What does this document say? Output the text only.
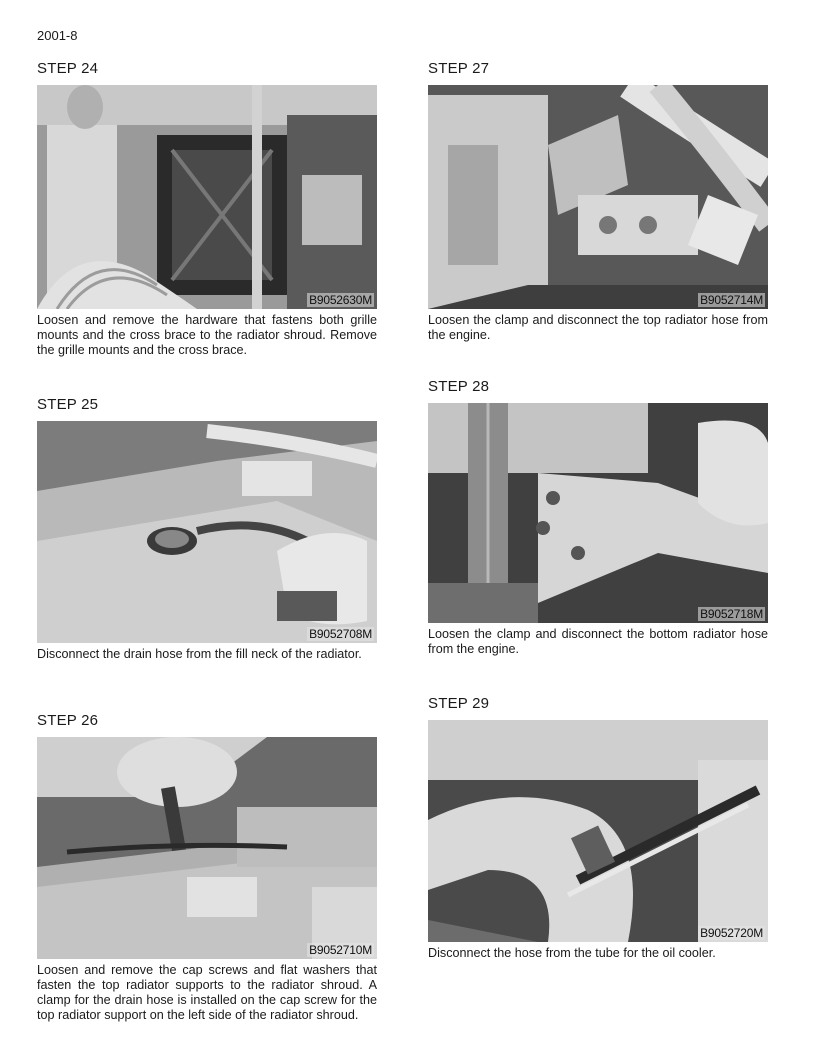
2001-8
STEP 24
B9052630M
Loosen and remove the hardware that fastens both grille mounts and the cross brace to the radiator shroud. Remove the grille mounts and the cross brace.
STEP 25
B9052708M
Disconnect the drain hose from the fill neck of the radiator.
STEP 26
B9052710M
Loosen and remove the cap screws and flat washers that fasten the top radiator supports to the radiator shroud. A clamp for the drain hose is installed on the cap screw for the top radiator support on the left side of the radiator shroud.
STEP 27
B9052714M
Loosen the clamp and disconnect the top radiator hose from the engine.
STEP 28
B9052718M
Loosen the clamp and disconnect the bottom radiator hose from the engine.
STEP 29
B9052720M
Disconnect the hose from the tube for the oil cooler.
